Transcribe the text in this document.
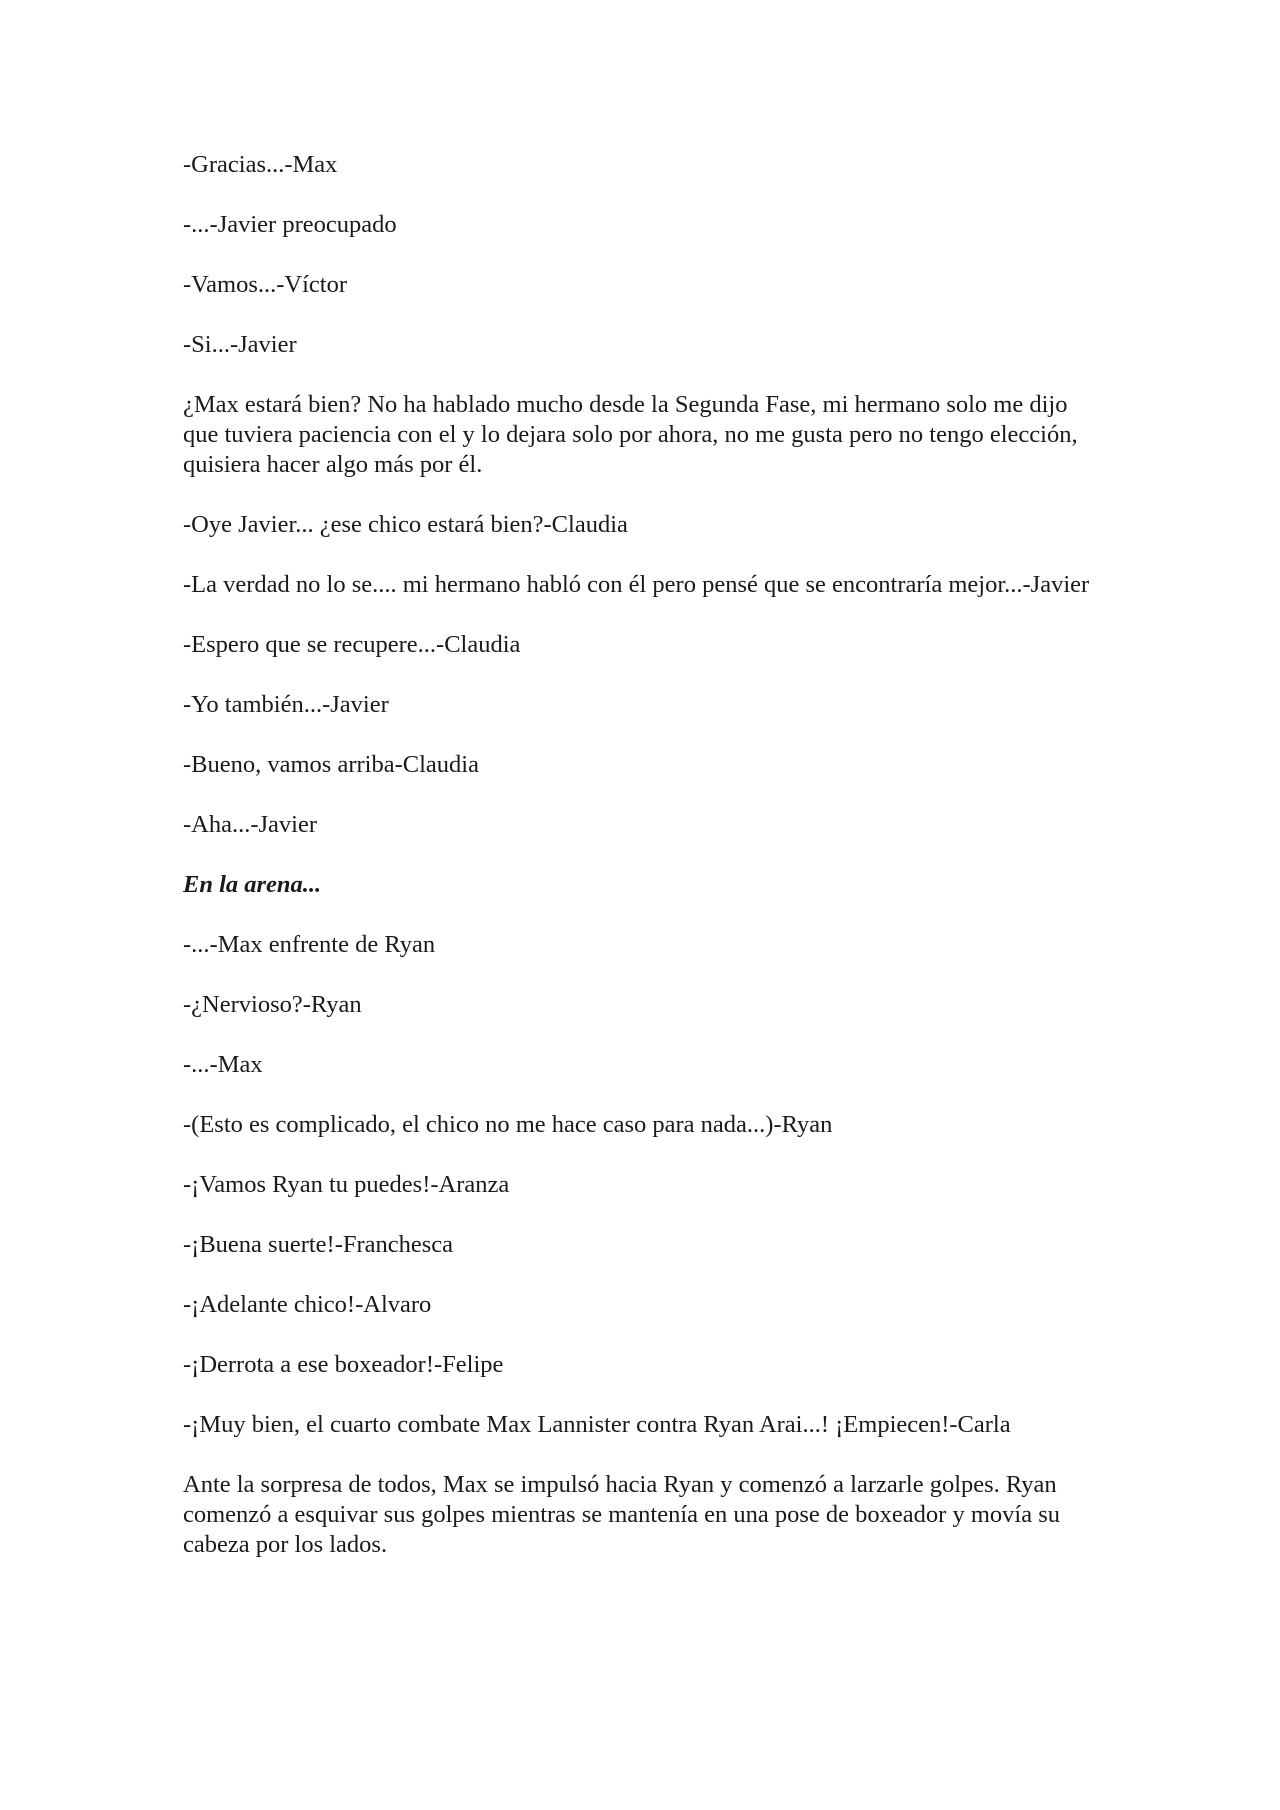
-Gracias...-Max

-...-Javier preocupado

-Vamos...-Víctor

-Si...-Javier

¿Max estará bien? No ha hablado mucho desde la Segunda Fase, mi hermano solo me dijo que tuviera paciencia con el y lo dejara solo por ahora, no me gusta pero no tengo elección, quisiera hacer algo más por él.

-Oye Javier... ¿ese chico estará bien?-Claudia

-La verdad no lo se.... mi hermano habló con él pero pensé que se encontraría mejor...-Javier

-Espero que se recupere...-Claudia

-Yo también...-Javier

-Bueno, vamos arriba-Claudia

-Aha...-Javier

En la arena...

-...-Max enfrente de Ryan

-¿Nervioso?-Ryan

-...-Max

-(Esto es complicado, el chico no me hace caso para nada...)-Ryan

-¡Vamos Ryan tu puedes!-Aranza

-¡Buena suerte!-Franchesca

-¡Adelante chico!-Alvaro

-¡Derrota a ese boxeador!-Felipe

-¡Muy bien, el cuarto combate Max Lannister contra Ryan Arai...! ¡Empiecen!-Carla

Ante la sorpresa de todos, Max se impulsó hacia Ryan y comenzó a larzarle golpes. Ryan comenzó a esquivar sus golpes mientras se mantenía en una pose de boxeador y movía su cabeza por los lados.
